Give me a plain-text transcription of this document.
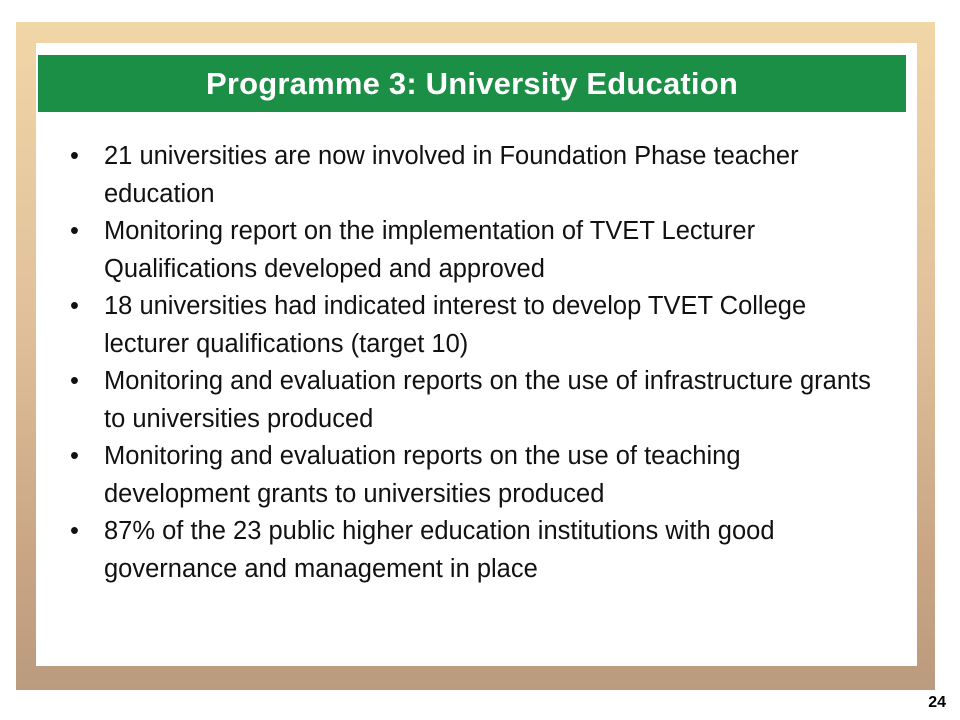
Programme 3: University Education
• 21 universities are now involved in Foundation Phase teacher education
• Monitoring report on the implementation of TVET Lecturer Qualifications developed and approved
• 18 universities had indicated interest to develop TVET College lecturer qualifications (target 10)
• Monitoring and evaluation reports on the use of infrastructure grants to universities produced
• Monitoring and evaluation reports on the use of teaching development grants to universities produced
• 87% of the 23 public higher education institutions with good governance and management in place
24
